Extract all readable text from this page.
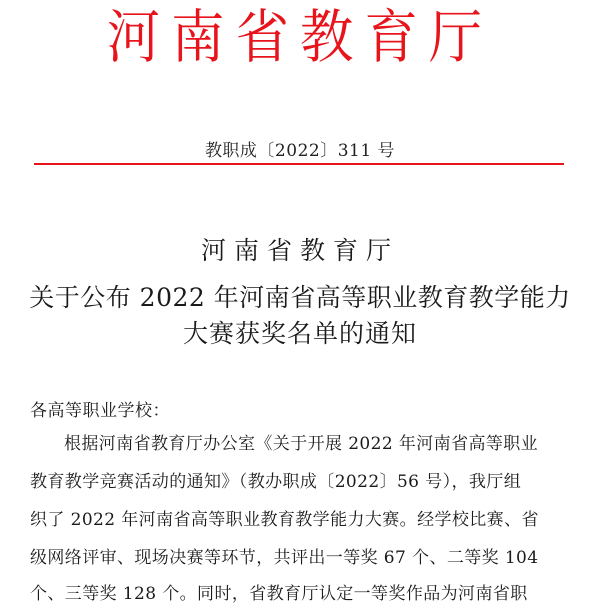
河南省教育厅
教职成〔2022〕311 号
河南省教育厅
关于公布 2022 年河南省高等职业教育教学能力
大赛获奖名单的通知
各高等职业学校：
根据河南省教育厅办公室《关于开展 2022 年河南省高等职业
教育教学竞赛活动的通知》（教办职成〔2022〕56 号），我厅组
织了 2022 年河南省高等职业教育教学能力大赛。经学校比赛、省
级网络评审、现场决赛等环节，共评出一等奖 67 个、二等奖 104
个、三等奖 128 个。同时，省教育厅认定一等奖作品为河南省职
